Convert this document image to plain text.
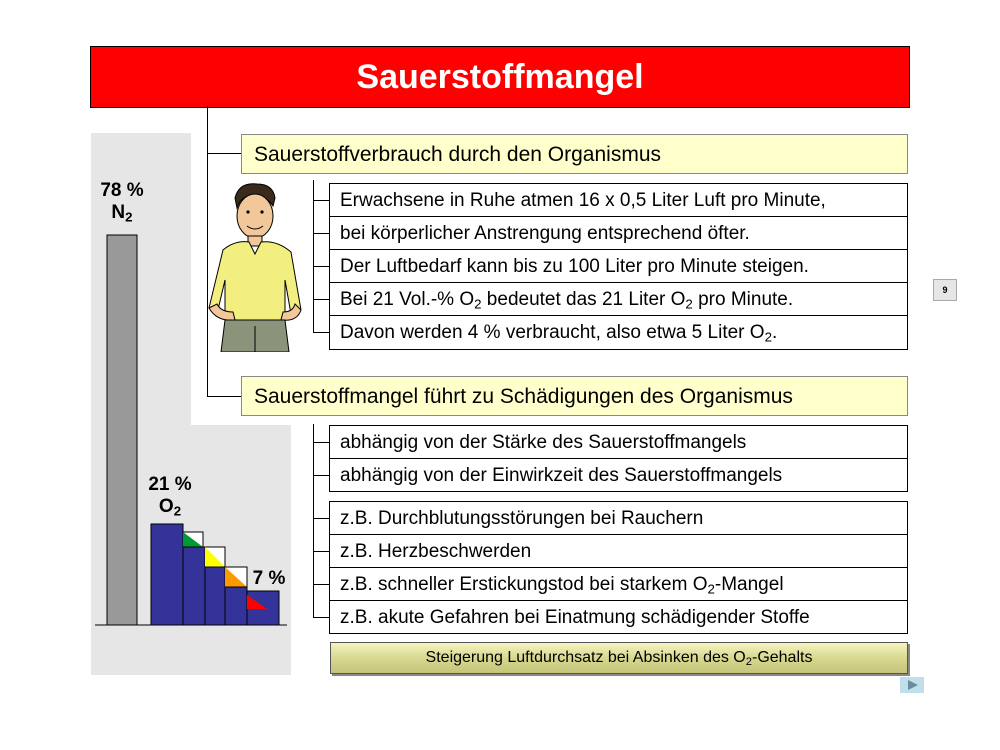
Sauerstoffmangel
78 %
$N_2$
21 %
$O_2$
7 %
Sauerstoffverbrauch durch den Organismus
Erwachsene in Ruhe atmen 16 x 0,5 Liter Luft pro Minute,
bei körperlicher Anstrengung entsprechend öfter.
Der Luftbedarf kann bis zu 100 Liter pro Minute steigen.
Bei 21 Vol.-% $O_2$ bedeutet das 21 Liter $O_2$ pro Minute.
Davon werden 4 % verbraucht, also etwa 5 Liter $O_2$.
Sauerstoffmangel führt zu Schädigungen des Organismus
abhängig von der Stärke des Sauerstoffmangels
abhängig von der Einwirkzeit des Sauerstoffmangels
z.B. Durchblutungsstörungen bei Rauchern
z.B. Herzbeschwerden
z.B. schneller Erstickungstod bei starkem $O_2$-Mangel
z.B. akute Gefahren bei Einatmung schädigender Stoffe
Steigerung Luftdurchsatz bei Absinken des $O_2$-Gehalts
9
